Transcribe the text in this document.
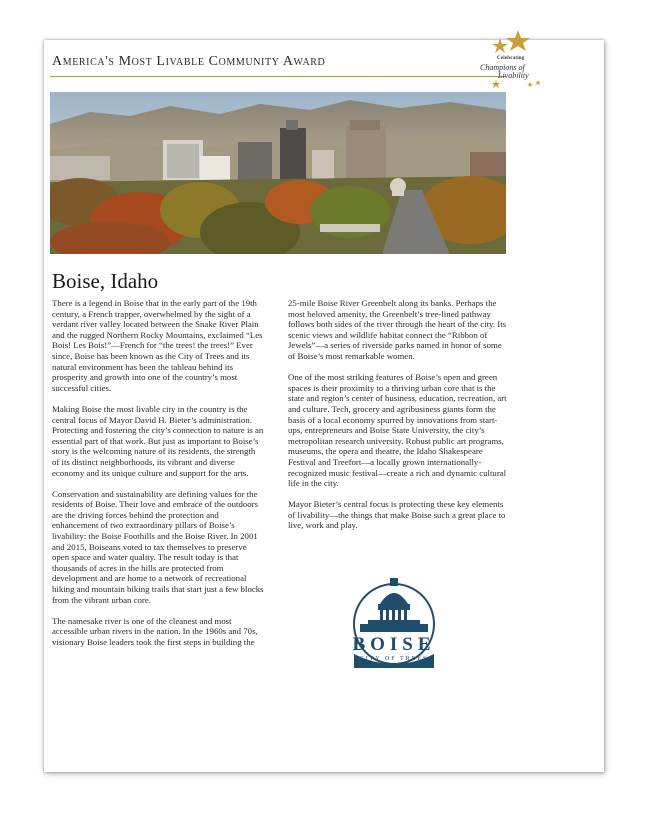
America's Most Livable Community Award	Celebrating
Champions of
Livability
Boise, Idaho

There is a legend in Boise that in the early part of the 19th century, a French trapper, overwhelmed by the sight of a verdant river valley located between the Snake River Plain and the rugged Northern Rocky Mountains, exclaimed “Les Bois! Les Bois!”—French for “the trees! the trees!” Ever since, Boise has been known as the City of Trees and its natural environment has been the tableau behind its prosperity and growth into one of the country’s most successful cities.

Making Boise the most livable city in the country is the central focus of Mayor David H. Bieter’s administration. Protecting and fostering the city’s connection to nature is an essential part of that work. But just as important to Boise’s story is the welcoming nature of its residents, the strength of its distinct neighborhoods, its vibrant and diverse economy and its unique culture and support for the arts.

Conservation and sustainability are defining values for the residents of Boise. Their love and embrace of the outdoors are the driving forces behind the protection and enhancement of two extraordinary pillars of Boise’s livability: the Boise Foothills and the Boise River. In 2001 and 2015, Boiseans voted to tax themselves to preserve open space and water quality. The result today is that thousands of acres in the hills are protected from development and are home to a network of recreational hiking and mountain biking trails that start just a few blocks from the vibrant urban core.

The namesake river is one of the cleanest and most accessible urban rivers in the nation. In the 1960s and 70s, visionary Boise leaders took the first steps in building the

25-mile Boise River Greenbelt along its banks. Perhaps the most beloved amenity, the Greenbelt’s tree-lined pathway follows both sides of the river through the heart of the city. Its scenic views and wildlife habitat connect the “Ribbon of Jewels”—a series of riverside parks named in honor of some of Boise’s most remarkable women.

One of the most striking features of Boise’s open and green spaces is their proximity to a thriving urban core that is the state and region’s center of business, education, recreation, art and culture. Tech, grocery and agribusiness giants form the basis of a local economy spurred by innovations from start-ups, entrepreneurs and Boise State University, the city’s metropolitan research university. Robust public art programs, museums, the opera and theatre, the Idaho Shakespeare Festival and Treefort—a locally grown internationally-recognized music festival—create a rich and dynamic cultural life in the city.

Mayor Bieter’s central focus is protecting these key elements of livability—the things that make Boise such a great place to live, work and play.

BOISE
CITY OF TREES
